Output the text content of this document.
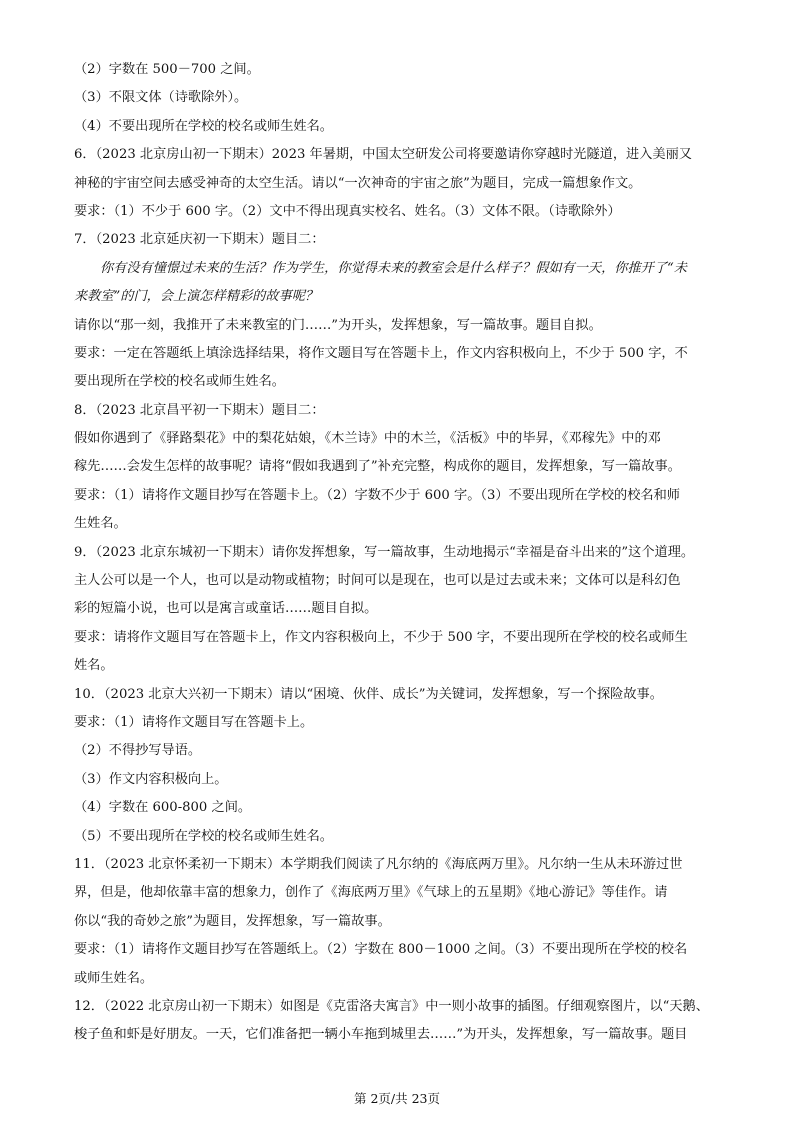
（2）字数在 500－700 之间。
（3）不限文体（诗歌除外）。
（4）不要出现所在学校的校名或师生姓名。
6．（2023 北京房山初一下期末）2023 年暑期，中国太空研发公司将要邀请你穿越时光隧道，进入美丽又
神秘的宇宙空间去感受神奇的太空生活。请以“一次神奇的宇宙之旅”为题目，完成一篇想象作文。
要求：（1）不少于 600 字。（2）文中不得出现真实校名、姓名。（3）文体不限。（诗歌除外）
7．（2023 北京延庆初一下期末）题目二：
你有没有憧憬过未来的生活？作为学生，你觉得未来的教室会是什么样子？假如有一天，你推开了“未
来教室”的门，会上演怎样精彩的故事呢？
请你以“那一刻，我推开了未来教室的门……”为开头，发挥想象，写一篇故事。题目自拟。
要求：一定在答题纸上填涂选择结果，将作文题目写在答题卡上，作文内容积极向上，不少于 500 字，不
要出现所在学校的校名或师生姓名。
8．（2023 北京昌平初一下期末）题目二：
假如你遇到了《驿路梨花》中的梨花姑娘，《木兰诗》中的木兰，《活板》中的毕昇，《邓稼先》中的邓
稼先……会发生怎样的故事呢？请将“假如我遇到了”补充完整，构成你的题目，发挥想象，写一篇故事。
要求：（1）请将作文题目抄写在答题卡上。（2）字数不少于 600 字。（3）不要出现所在学校的校名和师
生姓名。
9．（2023 北京东城初一下期末）请你发挥想象，写一篇故事，生动地揭示“幸福是奋斗出来的”这个道理。
主人公可以是一个人，也可以是动物或植物；时间可以是现在，也可以是过去或未来；文体可以是科幻色
彩的短篇小说，也可以是寓言或童话……题目自拟。
要求：请将作文题目写在答题卡上，作文内容积极向上，不少于 500 字，不要出现所在学校的校名或师生
姓名。
10．（2023 北京大兴初一下期末）请以“困境、伙伴、成长”为关键词，发挥想象，写一个探险故事。
要求：（1）请将作文题目写在答题卡上。
（2）不得抄写导语。
（3）作文内容积极向上。
（4）字数在 600-800 之间。
（5）不要出现所在学校的校名或师生姓名。
11．（2023 北京怀柔初一下期末）本学期我们阅读了凡尔纳的《海底两万里》。凡尔纳一生从未环游过世
界，但是，他却依靠丰富的想象力，创作了《海底两万里》《气球上的五星期》《地心游记》等佳作。请
你以“我的奇妙之旅”为题目，发挥想象，写一篇故事。
要求：（1）请将作文题目抄写在答题纸上。（2）字数在 800－1000 之间。（3）不要出现所在学校的校名
或师生姓名。
12．（2022 北京房山初一下期末）如图是《克雷洛夫寓言》中一则小故事的插图。仔细观察图片，以“天鹅、
梭子鱼和虾是好朋友。一天，它们准备把一辆小车拖到城里去……”为开头，发挥想象，写一篇故事。题目
第 2页/共 23页
